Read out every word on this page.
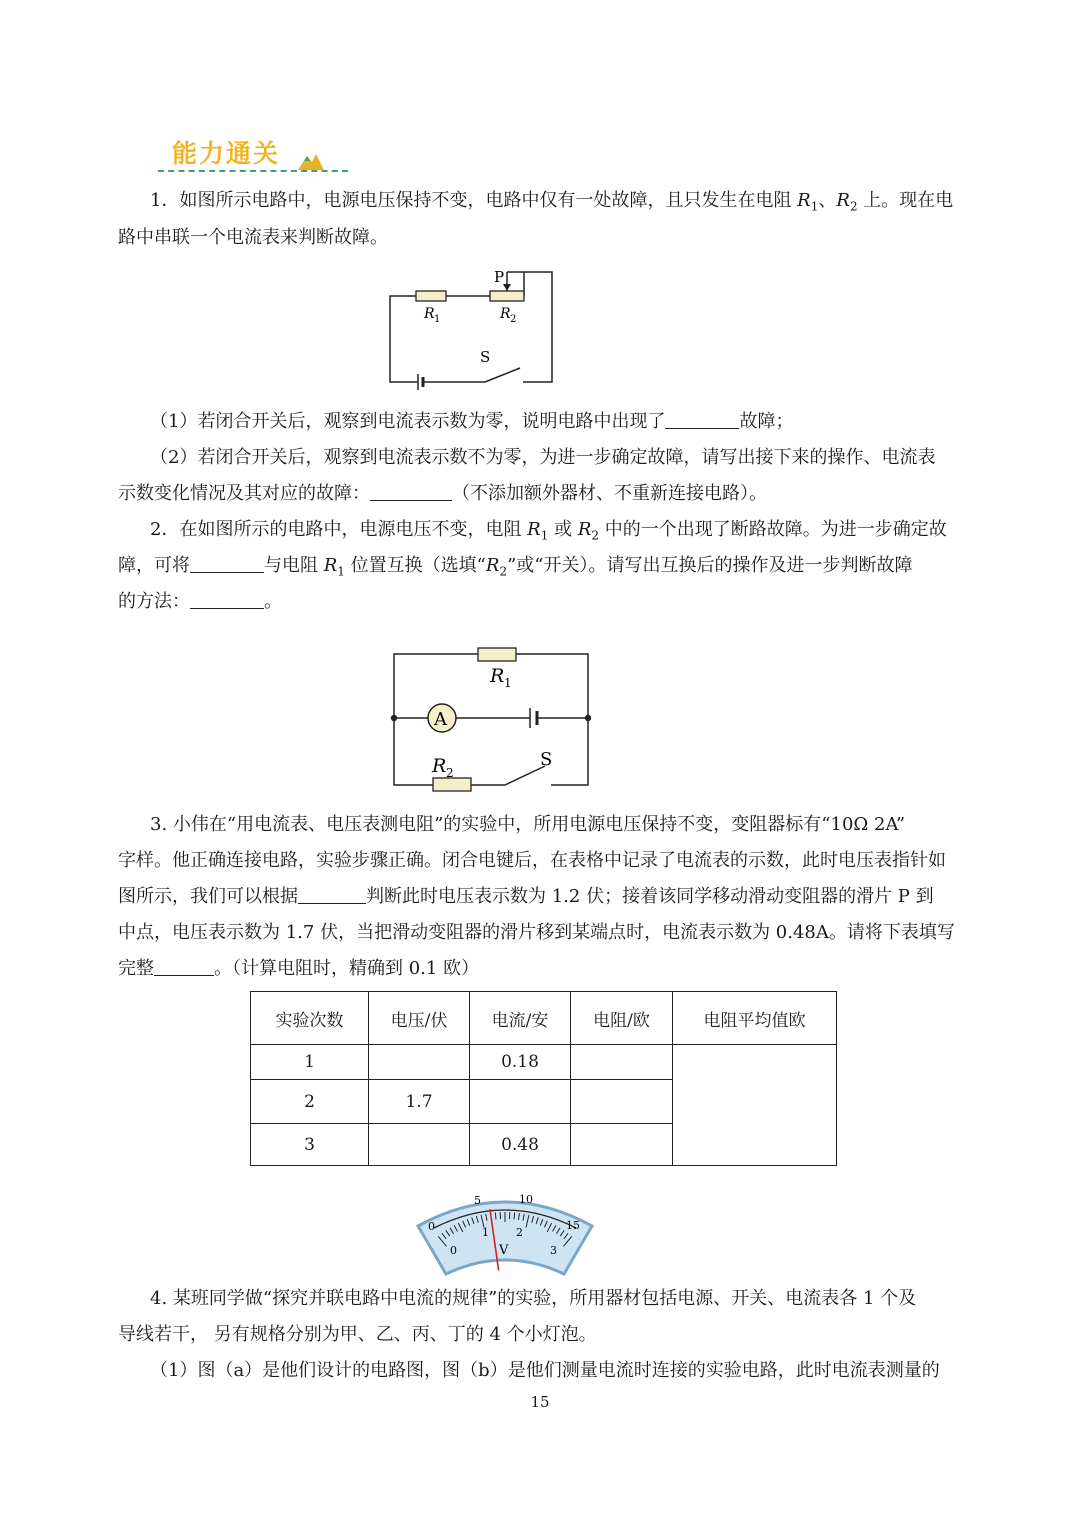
能力通关
1．如图所示电路中，电源电压保持不变，电路中仅有一处故障，且只发生在电阻 $R_1$、$R_2$ 上。现在电
路中串联一个电流表来判断故障。
P
R 1	R 2
S
（1）若闭合开关后，观察到电流表示数为零，说明电路中出现了	故障；
（2）若闭合开关后，观察到电流表示数不为零，为进一步确定故障，请写出接下来的操作、电流表
示数变化情况及其对应的故障：	（不添加额外器材、不重新连接电路）。
2．在如图所示的电路中，电源电压不变，电阻 $R_1$ 或 $R_2$ 中的一个出现了断路故障。为进一步确定故
障，可将	与电阻 $R_1$ 位置互换（选填“$R_2$”或“开关）。请写出互换后的操作及进一步判断故障
的方法：	。
A
R 1
R 2
S
3. 小伟在“用电流表、电压表测电阻”的实验中，所用电源电压保持不变，变阻器标有“10Ω 2A”
字样。他正确连接电路，实验步骤正确。闭合电键后，在表格中记录了电流表的示数，此时电压表指针如
图所示，我们可以根据	判断此时电压表示数为 1.2 伏；接着该同学移动滑动变阻器的滑片 P 到
中点，电压表示数为 1.7 伏，当把滑动变阻器的滑片移到某端点时，电流表示数为 0.48A。请将下表填写
完整	。（计算电阻时，精确到 0.1 欧）
实验次数	电压/伏	电流/安	电阻/欧	电阻平均值欧
1		0.18		
2	1.7			
3		0.48		
0
5	10
15
0
1 2
3
V
4. 某班同学做“探究并联电路中电流的规律”的实验，所用器材包括电源、开关、电流表各 1 个及
导线若干， 另有规格分别为甲、乙、丙、丁的 4 个小灯泡。
（1）图（a）是他们设计的电路图，图（b）是他们测量电流时连接的实验电路，此时电流表测量的
15
